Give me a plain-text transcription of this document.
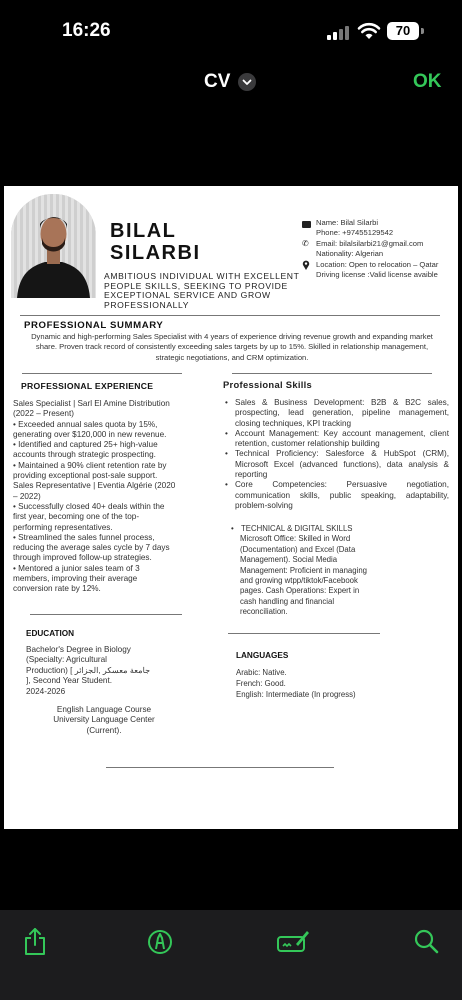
16:26	70
CV	OK
BILAL
SILARBI
AMBITIOUS INDIVIDUAL WITH EXCELLENT PEOPLE SKILLS, SEEKING TO PROVIDE EXCEPTIONAL SERVICE AND GROW PROFESSIONALLY
Name: Bilal Silarbi
Phone: +97455129542
✆ Email: bilalsilarbi21@gmail.com
Nationality: Algerian
Location: Open to relocation – Qatar
Driving license :Valid license avaible
PROFESSIONAL SUMMARY
Dynamic and high-performing Sales Specialist with 4 years of experience driving revenue growth and expanding market share. Proven track record of consistently exceeding sales targets by up to 15%. Skilled in relationship management, strategic negotiations, and CRM optimization.
PROFESSIONAL EXPERIENCE
Sales Specialist | Sarl El Amine Distribution
(2022 – Present)
• Exceeded annual sales quota by 15%,
generating over $120,000 in new revenue.
• Identified and captured 25+ high-value
accounts through strategic prospecting.
• Maintained a 90% client retention rate by
providing exceptional post-sale support.
Sales Representative | Eventia Algérie (2020
– 2022)
• Successfully closed 40+ deals within the
first year, becoming one of the top-
performing representatives.
• Streamlined the sales funnel process,
reducing the average sales cycle by 7 days
through improved follow-up strategies.
• Mentored a junior sales team of 3
members, improving their average
conversion rate by 12%.
Professional Skills
• Sales & Business Development: B2B & B2C sales, prospecting, lead generation, pipeline management, closing techniques, KPI tracking
• Account Management: Key account management, client retention, customer relationship building
• Technical Proficiency: Salesforce & HubSpot (CRM), Microsoft Excel (advanced functions), data analysis & reporting
• Core Competencies: Persuasive negotiation, communication skills, public speaking, adaptability, problem-solving
• TECHNICAL & DIGITAL SKILLS
Microsoft Office: Skilled in Word
(Documentation) and Excel (Data
Management). Social Media
Management: Proficient in managing
and growing wtpp/tiktok/Facebook
pages. Cash Operations: Expert in
cash handling and financial
reconciliation.
EDUCATION
Bachelor's Degree in Biology
(Specialty: Agricultural
Production) [ جامعة معسكر ,الجزائر
], Second Year Student.
2024-2026
English Language Course
University Language Center
(Current).
LANGUAGES
Arabic: Native.
French: Good.
English: Intermediate (In progress)
